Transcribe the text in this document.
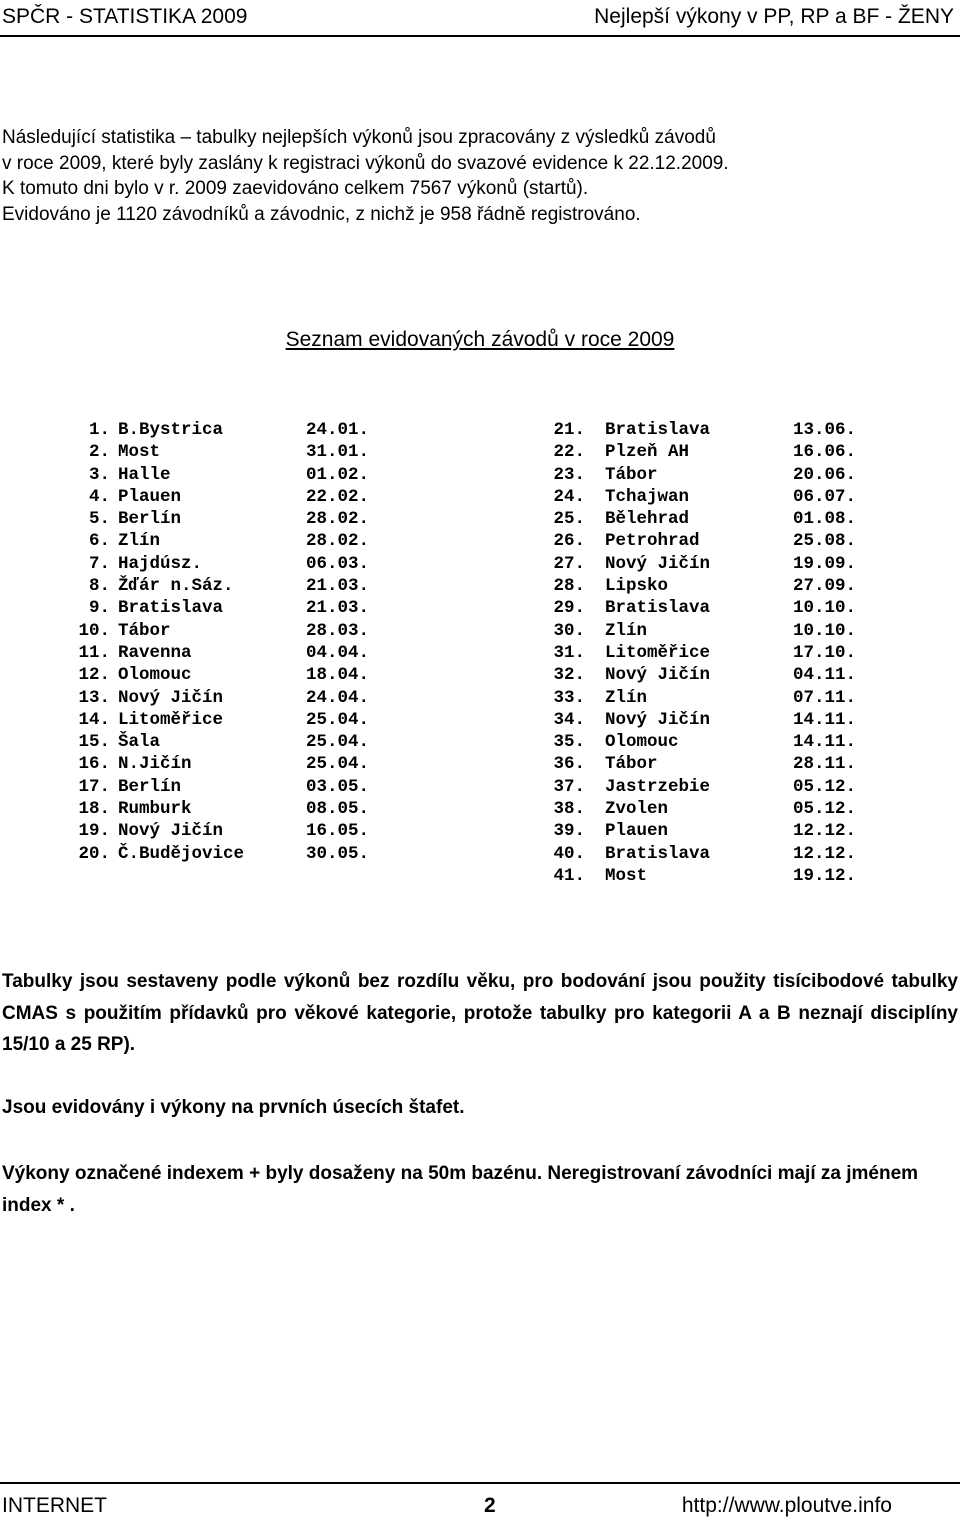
SPČR - STATISTIKA 2009	Nejlepší výkony v PP, RP a BF - ŽENY
Následující statistika – tabulky nejlepších výkonů jsou zpracovány z výsledků závodů
v roce 2009, které byly zaslány k registraci výkonů do svazové evidence k 22.12.2009.
K tomuto dni bylo v r. 2009 zaevidováno celkem 7567 výkonů (startů).
Evidováno je 1120 závodníků a závodnic, z nichž je 958 řádně registrováno.
Seznam evidovaných závodů v roce 2009
1. B.Bystrica	24.01.
2. Most	31.01.
3. Halle	01.02.
4. Plauen	22.02.
5. Berlín	28.02.
6. Zlín	28.02.
7. Hajdúsz.	06.03.
8. Žďár n.Sáz.	21.03.
9. Bratislava	21.03.
10. Tábor	28.03.
11. Ravenna	04.04.
12. Olomouc	18.04.
13. Nový Jičín	24.04.
14. Litoměřice	25.04.
15. Šala	25.04.
16. N.Jičín	25.04.
17. Berlín	03.05.
18. Rumburk	08.05.
19. Nový Jičín	16.05.
20. Č.Budějovice	30.05.
21. Bratislava	13.06.
22. Plzeň AH	16.06.
23. Tábor	20.06.
24. Tchajwan	06.07.
25. Bělehrad	01.08.
26. Petrohrad	25.08.
27. Nový Jičín	19.09.
28. Lipsko	27.09.
29. Bratislava	10.10.
30. Zlín	10.10.
31. Litoměřice	17.10.
32. Nový Jičín	04.11.
33. Zlín	07.11.
34. Nový Jičín	14.11.
35. Olomouc	14.11.
36. Tábor	28.11.
37. Jastrzebie	05.12.
38. Zvolen	05.12.
39. Plauen	12.12.
40. Bratislava	12.12.
41. Most	19.12.

Tabulky jsou sestaveny podle výkonů bez rozdílu věku, pro bodování jsou použity tisícibodové tabulky CMAS s použitím přídavků pro věkové kategorie, protože tabulky pro kategorii A a B neznají disciplíny 15/10 a 25 RP).

Jsou evidovány i výkony na prvních úsecích štafet.

Výkony označené indexem + byly dosaženy na 50m bazénu. Neregistrovaní závodníci mají za jménem index * .

INTERNET	2	http://www.ploutve.info
